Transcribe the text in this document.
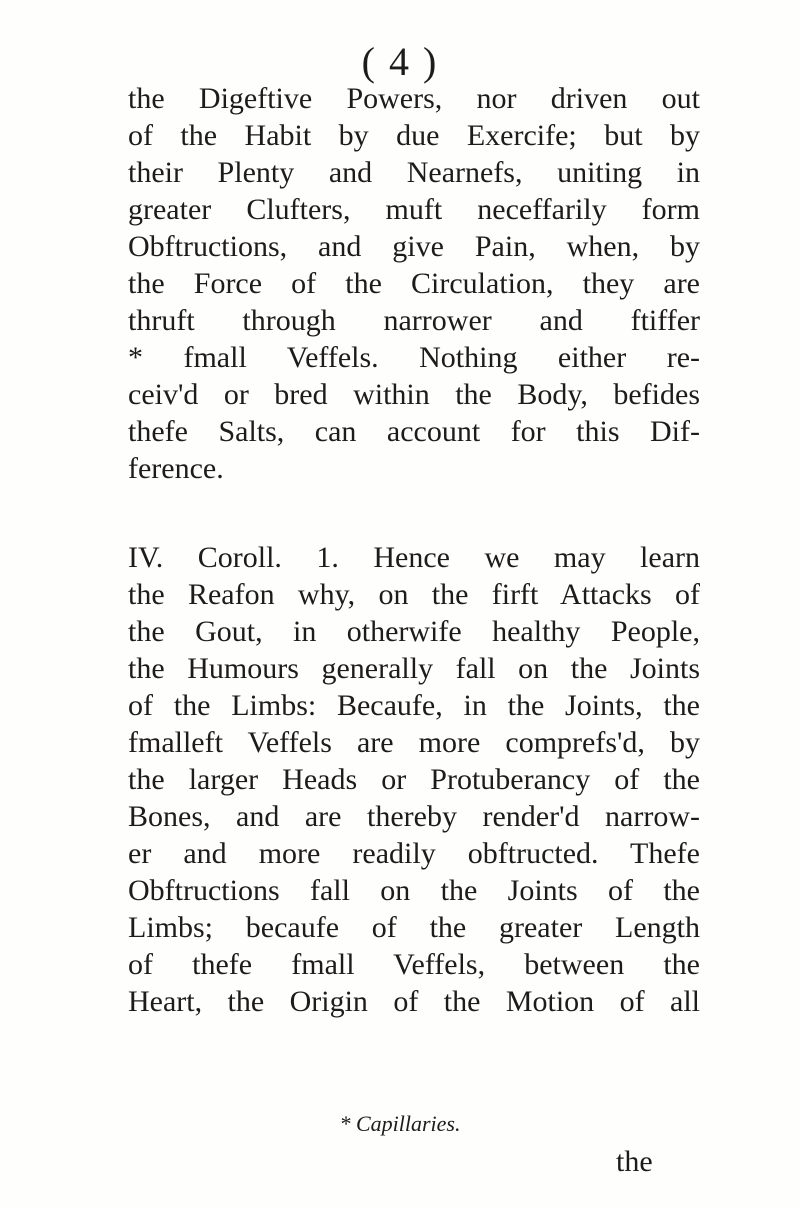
( 4 )
the Digeftive Powers, nor driven out
of the Habit by due Exercife; but by
their Plenty and Nearnefs, uniting in
greater Clufters, muft neceffarily form
Obftructions, and give Pain, when, by
the Force of the Circulation, they are
thruft through narrower and ftiffer
* fmall Veffels. Nothing either re-
ceiv'd or bred within the Body, befides
thefe Salts, can account for this Dif-
ference.
IV. Coroll. 1. Hence we may learn
the Reafon why, on the firft Attacks of
the Gout, in otherwife healthy People,
the Humours generally fall on the Joints
of the Limbs: Becaufe, in the Joints, the
fmalleft Veffels are more comprefs'd, by
the larger Heads or Protuberancy of the
Bones, and are thereby render'd narrow-
er and more readily obftructed. Thefe
Obftructions fall on the Joints of the
Limbs; becaufe of the greater Length
of thefe fmall Veffels, between the
Heart, the Origin of the Motion of all
* Capillaries.
the
